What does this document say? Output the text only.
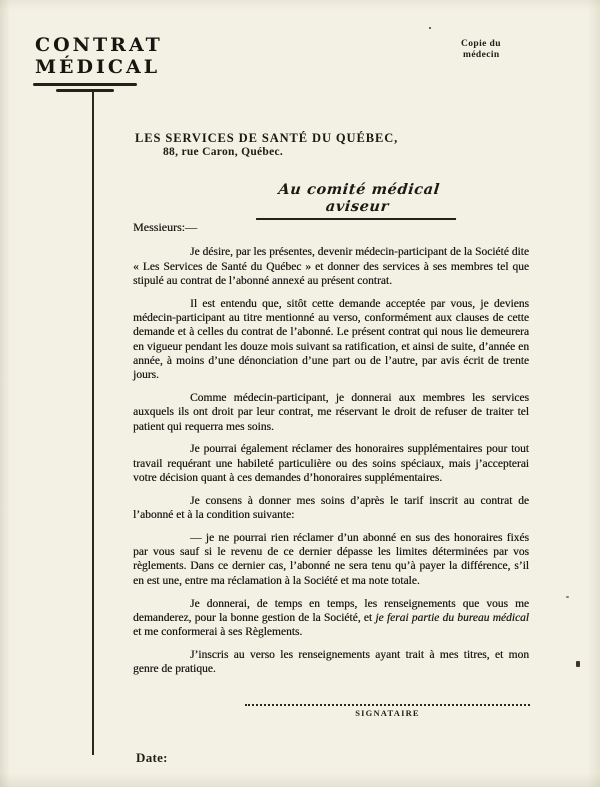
CONTRAT
MÉDICAL
Copie du
médecin
LES SERVICES DE SANTÉ DU QUÉBEC,
88, rue Caron, Québec.
Au comité médical aviseur
Messieurs:—

Je désire, par les présentes, devenir médecin-participant de la Société dite « Les Services de Santé du Québec » et donner des services à ses membres tel que stipulé au contrat de l’abonné annexé au présent contrat.

Il est entendu que, sitôt cette demande acceptée par vous, je deviens médecin-participant au titre mentionné au verso, conformément aux clauses de cette demande et à celles du contrat de l’abonné. Le présent contrat qui nous lie demeurera en vigueur pendant les douze mois suivant sa ratification, et ainsi de suite, d’année en année, à moins d’une dénonciation d’une part ou de l’autre, par avis écrit de trente jours.

Comme médecin-participant, je donnerai aux membres les services auxquels ils ont droit par leur contrat, me réservant le droit de refuser de traiter tel patient qui requerra mes soins.

Je pourrai également réclamer des honoraires supplémentaires pour tout travail requérant une habileté particulière ou des soins spéciaux, mais j’accepterai votre décision quant à ces demandes d’honoraires supplémentaires.

Je consens à donner mes soins d’après le tarif inscrit au contrat de l’abonné et à la condition suivante:

— je ne pourrai rien réclamer d’un abonné en sus des honoraires fixés par vous sauf si le revenu de ce dernier dépasse les limites déterminées par vos règlements. Dans ce dernier cas, l’abonné ne sera tenu qu’à payer la différence, s’il en est une, entre ma réclamation à la Société et ma note totale.

Je donnerai, de temps en temps, les renseignements que vous me demanderez, pour la bonne gestion de la Société, et je ferai partie du bureau médical et me conformerai à ses Règlements.

J’inscris au verso les renseignements ayant trait à mes titres, et mon genre de pratique.

SIGNATAIRE
Date:
